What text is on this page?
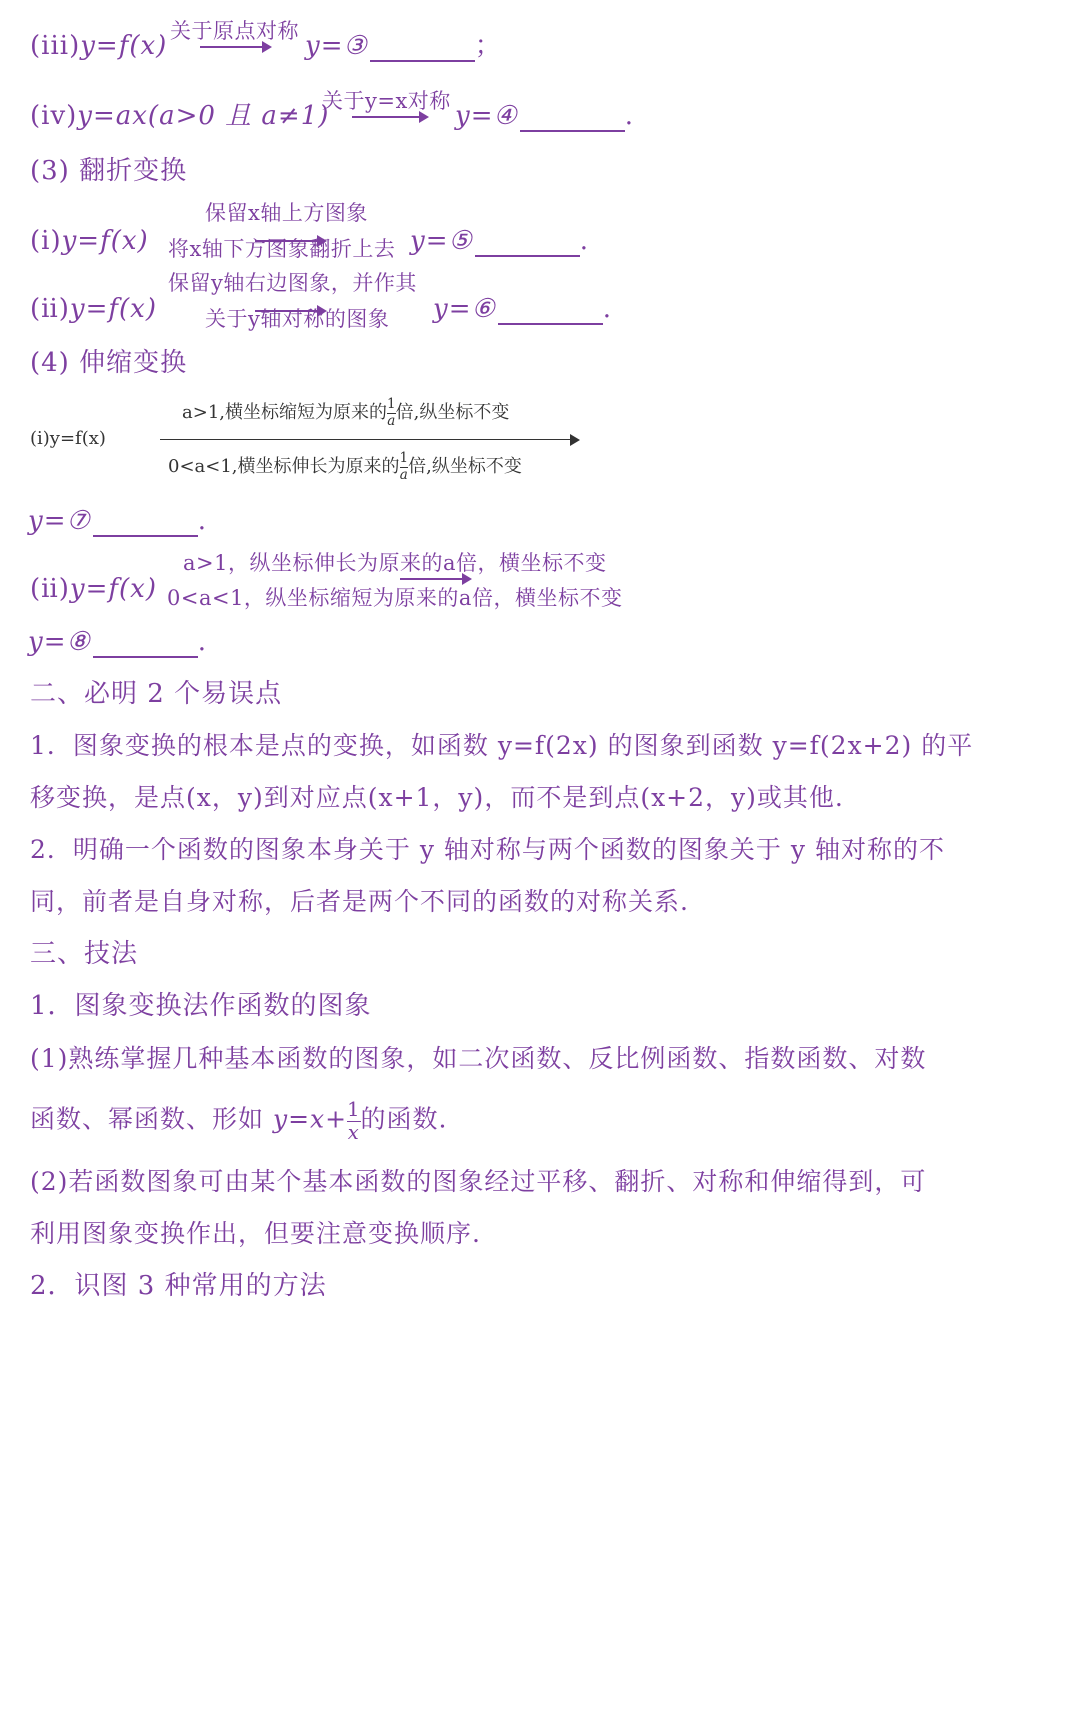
(iii)y=f(x) 关于原点对称 y=③	；
(iv)y=ax(a>0 且 a≠1)
关于y=x对称 y=④	.
(3) 翻折变换
保留x轴上方图象
(ⅰ)y=f(x) 将x轴下方图象翻折上去 y=⑤	.
保留y轴右边图象，并作其
(ⅱ)y=f(x) 关于y轴对称的图象 y=⑥	.
(4) 伸缩变换
a>1,横坐标缩短为原来的 $\frac{1}{a}$ 倍,纵坐标不变
(ⅰ)y=f(x)
0<a<1,横坐标伸长为原来的 $\frac{1}{a}$ 倍,纵坐标不变
y=⑦	.
a>1，纵坐标伸长为原来的a倍，横坐标不变
(ⅱ)y=f(x) 0<a<1，纵坐标缩短为原来的a倍，横坐标不变
y=⑧	.
二、必明 2 个易误点
1．图象变换的根本是点的变换，如函数 y=f(2x) 的图象到函数 y=f(2x+2) 的平
移变换，是点(x，y)到对应点(x+1，y)，而不是到点(x+2，y)或其他.
2．明确一个函数的图象本身关于 y 轴对称与两个函数的图象关于 y 轴对称的不
同，前者是自身对称，后者是两个不同的函数的对称关系.
三、技法
1．图象变换法作函数的图象
(1)熟练掌握几种基本函数的图象，如二次函数、反比例函数、指数函数、对数
函数、幂函数、形如 $y=x+ \frac{1}{x}$ 的函数.
(2)若函数图象可由某个基本函数的图象经过平移、翻折、对称和伸缩得到，可
利用图象变换作出，但要注意变换顺序.
2．识图 3 种常用的方法
